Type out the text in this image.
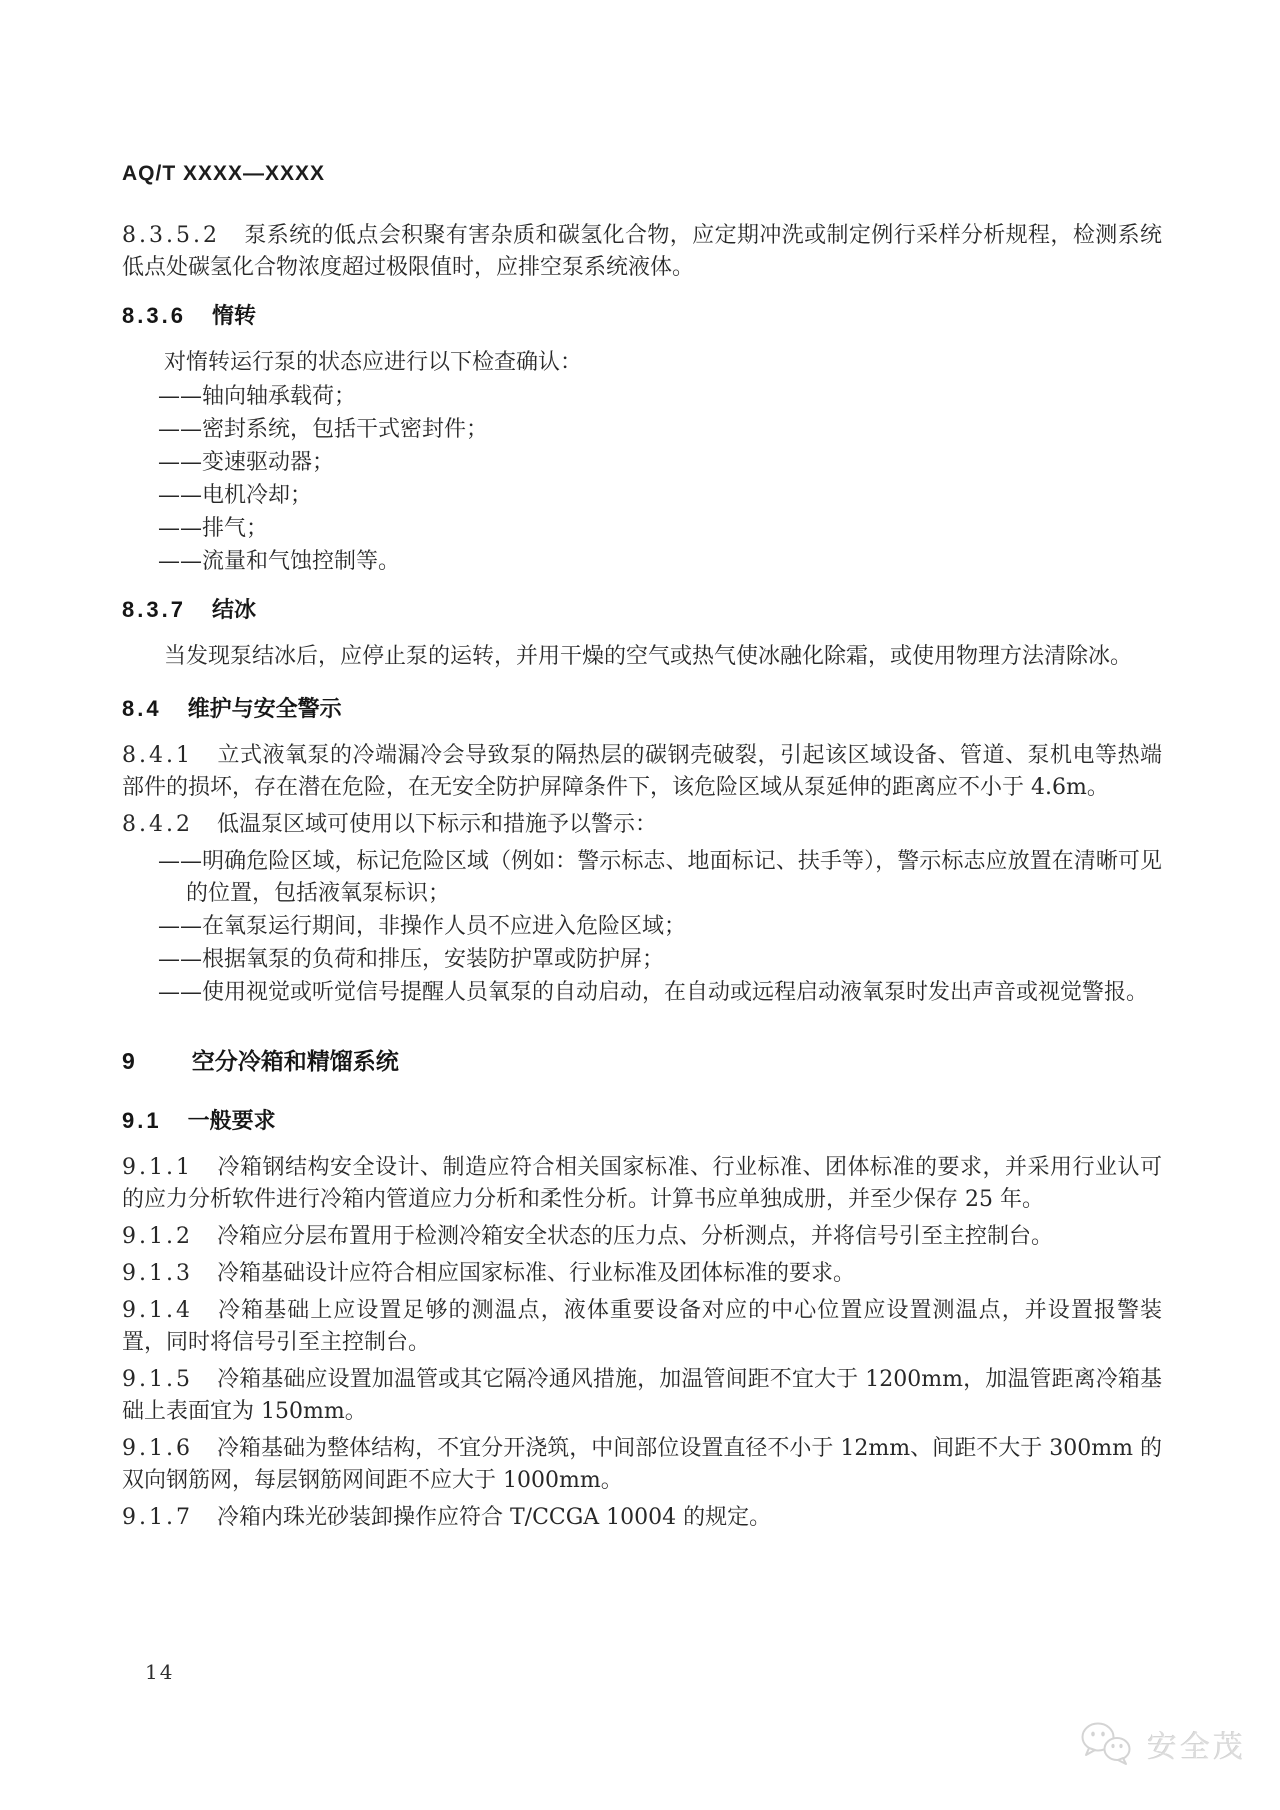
AQ/T XXXX—XXXX

8.3.5.2 泵系统的低点会积聚有害杂质和碳氢化合物，应定期冲洗或制定例行采样分析规程，检测系统低点处碳氢化合物浓度超过极限值时，应排空泵系统液体。

8.3.6 惰转

对惰转运行泵的状态应进行以下检查确认：

——轴向轴承载荷；

——密封系统，包括干式密封件；

——变速驱动器；

——电机冷却；

——排气；

——流量和气蚀控制等。

8.3.7 结冰

当发现泵结冰后，应停止泵的运转，并用干燥的空气或热气使冰融化除霜，或使用物理方法清除冰。

8.4 维护与安全警示

8.4.1 立式液氧泵的冷端漏冷会导致泵的隔热层的碳钢壳破裂，引起该区域设备、管道、泵机电等热端部件的损坏，存在潜在危险，在无安全防护屏障条件下，该危险区域从泵延伸的距离应不小于 4.6m。

8.4.2 低温泵区域可使用以下标示和措施予以警示：

——明确危险区域，标记危险区域（例如：警示标志、地面标记、扶手等），警示标志应放置在清晰可见的位置，包括液氧泵标识；

——在氧泵运行期间，非操作人员不应进入危险区域；

——根据氧泵的负荷和排压，安装防护罩或防护屏；

——使用视觉或听觉信号提醒人员氧泵的自动启动，在自动或远程启动液氧泵时发出声音或视觉警报。

9 空分冷箱和精馏系统
9.1 一般要求

9.1.1 冷箱钢结构安全设计、制造应符合相关国家标准、行业标准、团体标准的要求，并采用行业认可的应力分析软件进行冷箱内管道应力分析和柔性分析。计算书应单独成册，并至少保存 25 年。

9.1.2 冷箱应分层布置用于检测冷箱安全状态的压力点、分析测点，并将信号引至主控制台。

9.1.3 冷箱基础设计应符合相应国家标准、行业标准及团体标准的要求。

9.1.4 冷箱基础上应设置足够的测温点，液体重要设备对应的中心位置应设置测温点，并设置报警装置，同时将信号引至主控制台。

9.1.5 冷箱基础应设置加温管或其它隔冷通风措施，加温管间距不宜大于 1200mm，加温管距离冷箱基础上表面宜为 150mm。

9.1.6 冷箱基础为整体结构，不宜分开浇筑，中间部位设置直径不小于 12mm、间距不大于 300mm 的双向钢筋网，每层钢筋网间距不应大于 1000mm。

9.1.7 冷箱内珠光砂装卸操作应符合 T/CCGA 10004 的规定。

14
安全茂
